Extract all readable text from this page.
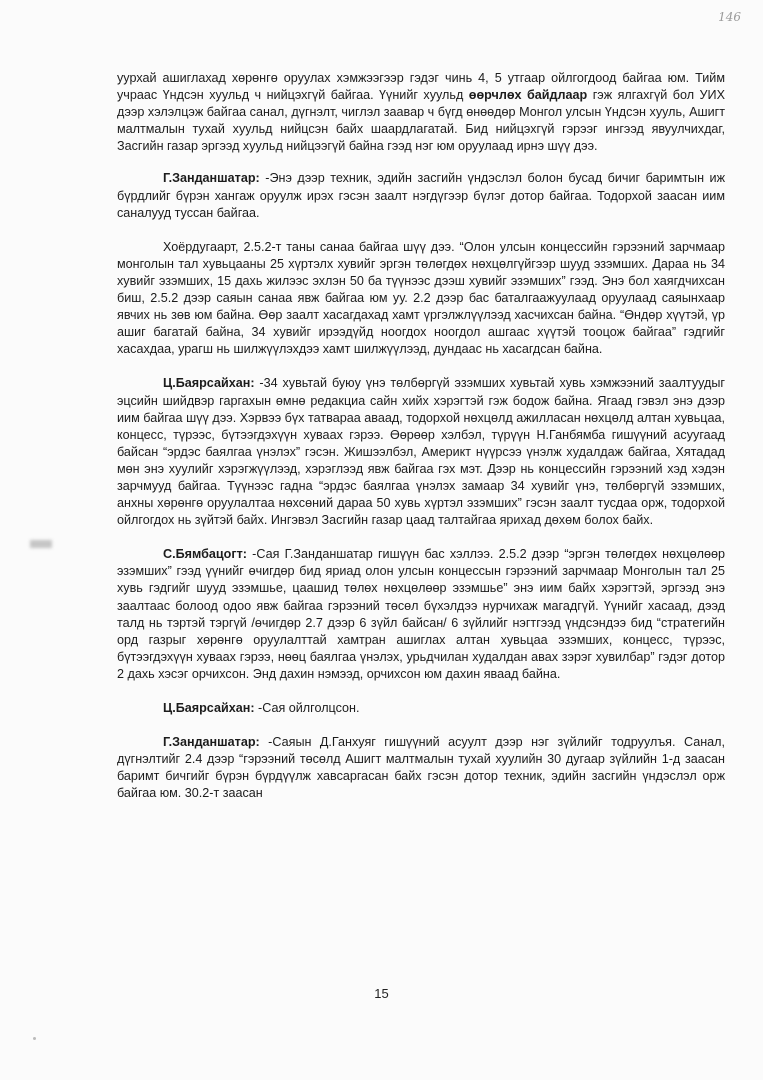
146

уурхай ашиглахад хөрөнгө оруулах хэмжээгээр гэдэг чинь 4, 5 утгаар ойлгогдоод байгаа юм. Тийм учраас Үндсэн хуульд ч нийцэхгүй байгаа. Үүнийг хуульд өөрчлөх байдлаар гэж ялгахгүй бол УИХ дээр хэлэлцэж байгаа санал, дүгнэлт, чиглэл заавар ч бүгд өнөөдөр Монгол улсын Үндсэн хууль, Ашигт малтмалын тухай хуульд нийцсэн байх шаардлагатай. Бид нийцэхгүй гэрээг ингээд явуулчихдаг, Засгийн газар эргээд хуульд нийцээгүй байна гээд нэг юм оруулаад ирнэ шүү дээ.

Г.Занданшатар: -Энэ дээр техник, эдийн засгийн үндэслэл болон бусад бичиг баримтын иж бүрдлийг бүрэн хангаж оруулж ирэх гэсэн заалт нэгдүгээр бүлэг дотор байгаа. Тодорхой заасан иим саналууд туссан байгаа.

Хоёрдугаарт, 2.5.2-т таны санаа байгаа шүү дээ. “Олон улсын концессийн гэрээний зарчмаар монголын тал хувьцааны 25 хүртэлх хувийг эргэн төлөгдөх нөхцөлгүйгээр шууд эзэмших. Дараа нь 34 хувийг эзэмших, 15 дахь жилээс эхлэн 50 ба түүнээс дээш хувийг эзэмших” гээд. Энэ бол хаягдчихсан биш, 2.5.2 дээр саяын санаа явж байгаа юм уу. 2.2 дээр бас баталгаажуулаад оруулаад саяынхаар явчих нь зөв юм байна. Өөр заалт хасагдахад хамт үргэлжлүүлээд хасчихсан байна. “Өндөр хүүтэй, үр ашиг багатай байна, 34 хувийг ирээдүйд ноогдох ноогдол ашгаас хүүтэй тооцож байгаа” гэдгийг хасахдаа, урагш нь шилжүүлэхдээ хамт шилжүүлээд, дундаас нь хасагдсан байна.

Ц.Баярсайхан: -34 хувьтай буюу үнэ төлбөргүй эзэмших хувьтай хувь хэмжээний заалтуудыг эцсийн шийдвэр гаргахын өмнө редакциа сайн хийх хэрэгтэй гэж бодож байна. Ягаад гэвэл энэ дээр иим байгаа шүү дээ. Хэрвээ бүх татвараа аваад, тодорхой нөхцөлд ажилласан нөхцөлд алтан хувьцаа, концесс, түрээс, бүтээгдэхүүн хуваах гэрээ. Өөрөөр хэлбэл, түрүүн Н.Ганбямба гишүүний асуугаад байсан “эрдэс баялгаа үнэлэх” гэсэн. Жишээлбэл, Америкт нүүрсээ үнэлж худалдаж байгаа, Хятадад мөн энэ хуулийг хэрэгжүүлээд, хэрэглээд явж байгаа гэх мэт. Дээр нь концессийн гэрээний хэд хэдэн зарчмууд байгаа. Түүнээс гадна “эрдэс баялгаа үнэлэх замаар 34 хувийг үнэ, төлбөргүй эзэмших, анхны хөрөнгө оруулалтаа нөхсөний дараа 50 хувь хүртэл эзэмших” гэсэн заалт тусдаа орж, тодорхой ойлгогдох нь зүйтэй байх. Ингэвэл Засгийн газар цаад талтайгаа ярихад дөхөм болох байх.

С.Бямбацогт: -Сая Г.Занданшатар гишүүн бас хэллээ. 2.5.2 дээр “эргэн төлөгдөх нөхцөлөөр эзэмших” гээд үүнийг өчигдөр бид яриад олон улсын концессын гэрээний зарчмаар Монголын тал 25 хувь гэдгийг шууд эзэмшье, цаашид төлөх нөхцөлөөр эзэмшье” энэ иим байх хэрэгтэй, эргээд энэ заалтаас болоод одоо явж байгаа гэрээний төсөл бүхэлдээ нурчихаж магадгүй. Үүнийг хасаад, дээд талд нь тэртэй тэргүй /өчигдөр 2.7 дээр 6 зүйл байсан/ 6 зүйлийг нэгтгээд үндсэндээ бид “стратегийн орд газрыг хөрөнгө оруулалттай хамтран ашиглах алтан хувьцаа эзэмших, концесс, түрээс, бүтээгдэхүүн хуваах гэрээ, нөөц баялгаа үнэлэх, урьдчилан худалдан авах зэрэг хувилбар” гэдэг дотор 2 дахь хэсэг орчихсон. Энд дахин нэмээд, орчихсон юм дахин яваад байна.

Ц.Баярсайхан: -Сая ойлголцсон.

Г.Занданшатар: -Саяын Д.Ганхуяг гишүүний асуулт дээр нэг зүйлийг тодруулъя. Санал, дүгнэлтийг 2.4 дээр “гэрээний төсөлд Ашигт малтмалын тухай хуулийн 30 дугаар зүйлийн 1-д заасан баримт бичгийг бүрэн бүрдүүлж хавсаргасан байх гэсэн дотор техник, эдийн засгийн үндэслэл орж байгаа юм. 30.2-т заасан

15
